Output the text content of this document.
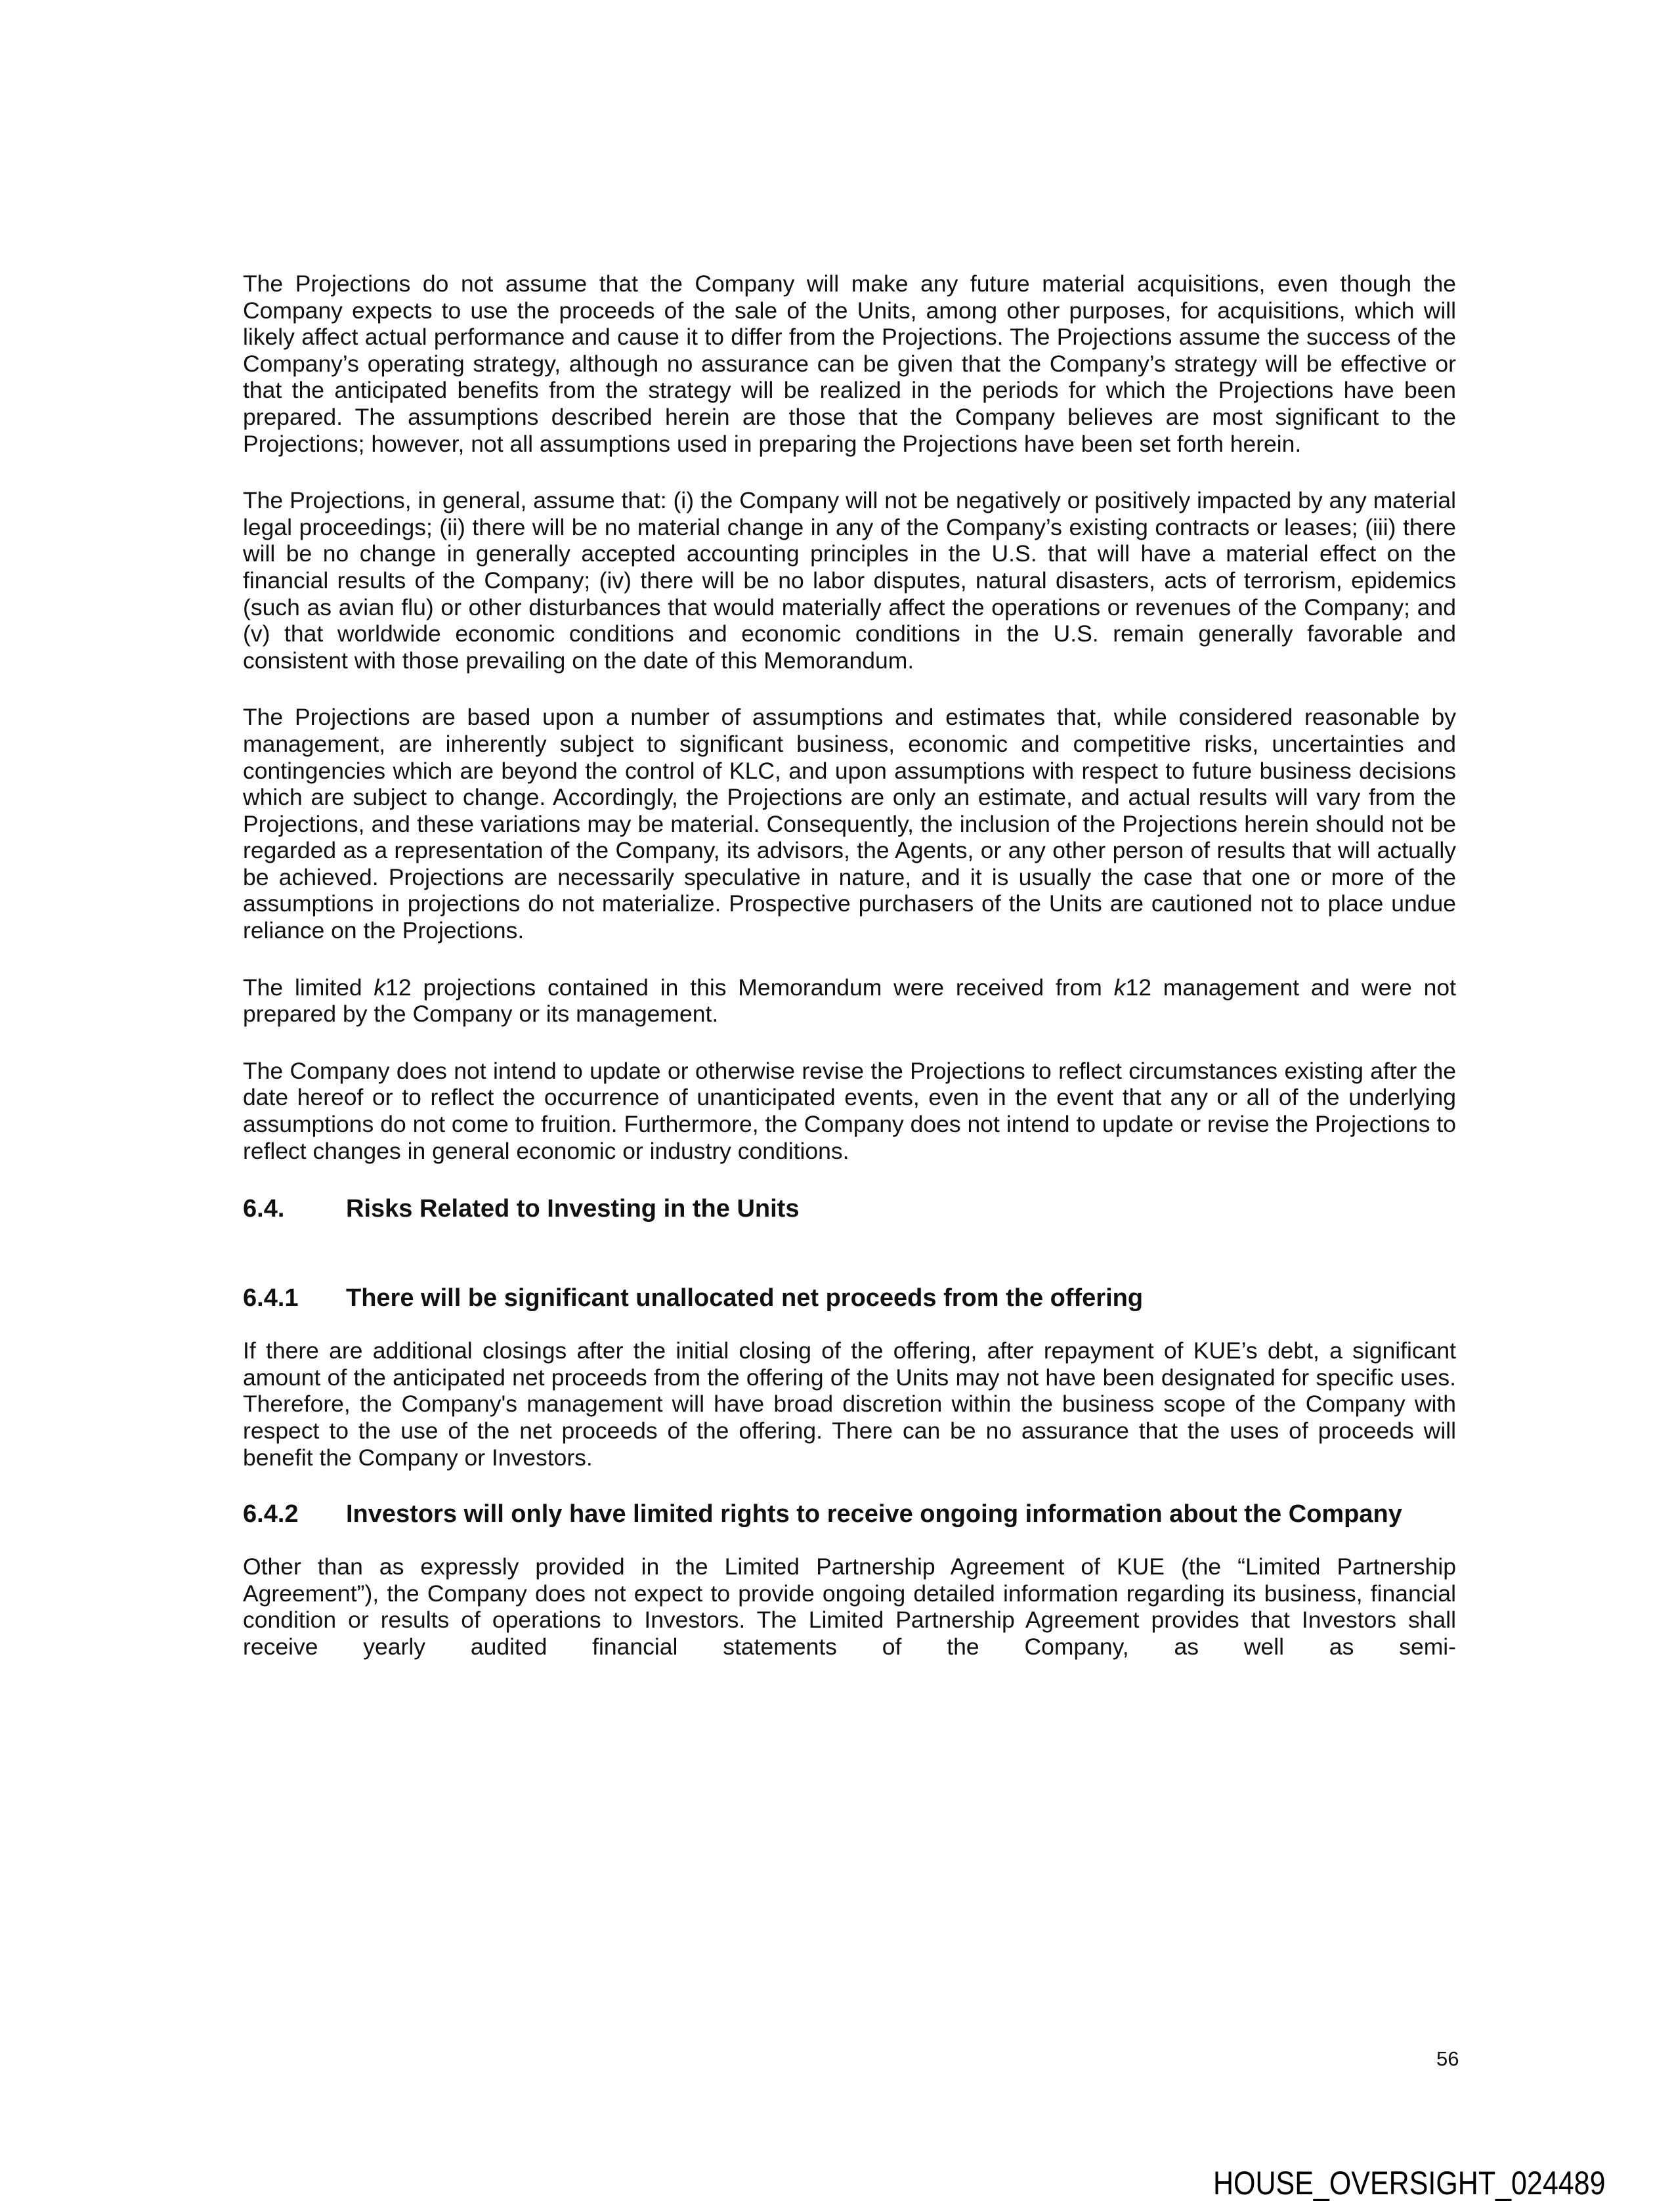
The Projections do not assume that the Company will make any future material acquisitions, even though the Company expects to use the proceeds of the sale of the Units, among other purposes, for acquisitions, which will likely affect actual performance and cause it to differ from the Projections. The Projections assume the success of the Company’s operating strategy, although no assurance can be given that the Company’s strategy will be effective or that the anticipated benefits from the strategy will be realized in the periods for which the Projections have been prepared. The assumptions described herein are those that the Company believes are most significant to the Projections; however, not all assumptions used in preparing the Projections have been set forth herein.

The Projections, in general, assume that: (i) the Company will not be negatively or positively impacted by any material legal proceedings; (ii) there will be no material change in any of the Company’s existing contracts or leases; (iii) there will be no change in generally accepted accounting principles in the U.S. that will have a material effect on the financial results of the Company; (iv) there will be no labor disputes, natural disasters, acts of terrorism, epidemics (such as avian flu) or other disturbances that would materially affect the operations or revenues of the Company; and (v) that worldwide economic conditions and economic conditions in the U.S. remain generally favorable and consistent with those prevailing on the date of this Memorandum.

The Projections are based upon a number of assumptions and estimates that, while considered reasonable by management, are inherently subject to significant business, economic and competitive risks, uncertainties and contingencies which are beyond the control of KLC, and upon assumptions with respect to future business decisions which are subject to change. Accordingly, the Projections are only an estimate, and actual results will vary from the Projections, and these variations may be material. Consequently, the inclusion of the Projections herein should not be regarded as a representation of the Company, its advisors, the Agents, or any other person of results that will actually be achieved. Projections are necessarily speculative in nature, and it is usually the case that one or more of the assumptions in projections do not materialize. Prospective purchasers of the Units are cautioned not to place undue reliance on the Projections.

The limited k12 projections contained in this Memorandum were received from k12 management and were not prepared by the Company or its management.

The Company does not intend to update or otherwise revise the Projections to reflect circumstances existing after the date hereof or to reflect the occurrence of unanticipated events, even in the event that any or all of the underlying assumptions do not come to fruition. Furthermore, the Company does not intend to update or revise the Projections to reflect changes in general economic or industry conditions.

6.4.	Risks Related to Investing in the Units
6.4.1	There will be significant unallocated net proceeds from the offering

If there are additional closings after the initial closing of the offering, after repayment of KUE’s debt, a significant amount of the anticipated net proceeds from the offering of the Units may not have been designated for specific uses. Therefore, the Company's management will have broad discretion within the business scope of the Company with respect to the use of the net proceeds of the offering. There can be no assurance that the uses of proceeds will benefit the Company or Investors.

6.4.2	Investors will only have limited rights to receive ongoing information about the Company

Other than as expressly provided in the Limited Partnership Agreement of KUE (the “Limited Partnership Agreement”), the Company does not expect to provide ongoing detailed information regarding its business, financial condition or results of operations to Investors. The Limited Partnership Agreement provides that Investors shall receive yearly audited financial statements of the Company, as well as semi-

56
HOUSE_OVERSIGHT_024489
